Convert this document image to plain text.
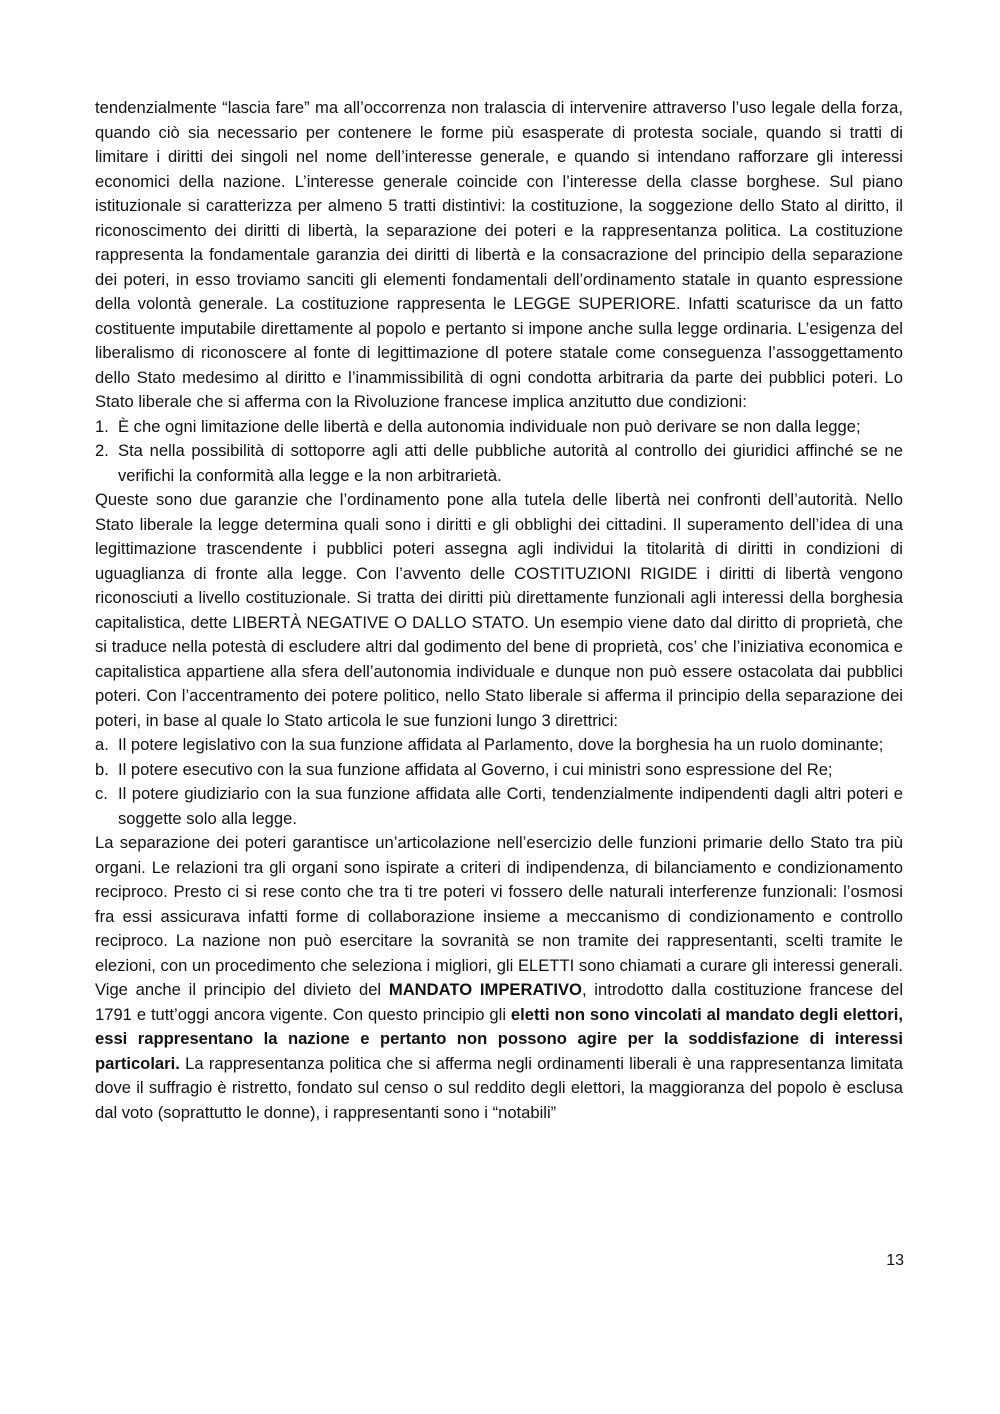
tendenzialmente “lascia fare” ma all’occorrenza non tralascia di intervenire attraverso l’uso legale della forza, quando ciò sia necessario per contenere le forme più esasperate di protesta sociale, quando si tratti di limitare i diritti dei singoli nel nome dell’interesse generale, e quando si intendano rafforzare gli interessi economici della nazione. L’interesse generale coincide con l’interesse della classe borghese. Sul piano istituzionale si caratterizza per almeno 5 tratti distintivi: la costituzione, la soggezione dello Stato al diritto, il riconoscimento dei diritti di libertà, la separazione dei poteri e la rappresentanza politica. La costituzione rappresenta la fondamentale garanzia dei diritti di libertà e la consacrazione del principio della separazione dei poteri, in esso troviamo sanciti gli elementi fondamentali dell’ordinamento statale in quanto espressione della volontà generale. La costituzione rappresenta le LEGGE SUPERIORE. Infatti scaturisce da un fatto costituente imputabile direttamente al popolo e pertanto si impone anche sulla legge ordinaria. L’esigenza del liberalismo di riconoscere al fonte di legittimazione dl potere statale come conseguenza l’assoggettamento dello Stato medesimo al diritto e l’inammissibilità di ogni condotta arbitraria da parte dei pubblici poteri. Lo Stato liberale che si afferma con la Rivoluzione francese implica anzitutto due condizioni:

1. È che ogni limitazione delle libertà e della autonomia individuale non può derivare se non dalla legge;
2. Sta nella possibilità di sottoporre agli atti delle pubbliche autorità al controllo dei giuridici affinché se ne verifichi la conformità alla legge e la non arbitrarietà.

Queste sono due garanzie che l’ordinamento pone alla tutela delle libertà nei confronti dell’autorità. Nello Stato liberale la legge determina quali sono i diritti e gli obblighi dei cittadini. Il superamento dell’idea di una legittimazione trascendente i pubblici poteri assegna agli individui la titolarità di diritti in condizioni di uguaglianza di fronte alla legge. Con l’avvento delle COSTITUZIONI RIGIDE i diritti di libertà vengono riconosciuti a livello costituzionale. Si tratta dei diritti più direttamente funzionali agli interessi della borghesia capitalistica, dette LIBERTÀ NEGATIVE O DALLO STATO. Un esempio viene dato dal diritto di proprietà, che si traduce nella potestà di escludere altri dal godimento del bene di proprietà, cos’ che l’iniziativa economica e capitalistica appartiene alla sfera dell’autonomia individuale e dunque non può essere ostacolata dai pubblici poteri. Con l’accentramento dei potere politico, nello Stato liberale si afferma il principio della separazione dei poteri, in base al quale lo Stato articola le sue funzioni lungo 3 direttrici:

a. Il potere legislativo con la sua funzione affidata al Parlamento, dove la borghesia ha un ruolo dominante;
b. Il potere esecutivo con la sua funzione affidata al Governo, i cui ministri sono espressione del Re;
c. Il potere giudiziario con la sua funzione affidata alle Corti, tendenzialmente indipendenti dagli altri poteri e soggette solo alla legge.

La separazione dei poteri garantisce un’articolazione nell’esercizio delle funzioni primarie dello Stato tra più organi. Le relazioni tra gli organi sono ispirate a criteri di indipendenza, di bilanciamento e condizionamento reciproco. Presto ci si rese conto che tra ti tre poteri vi fossero delle naturali interferenze funzionali: l’osmosi fra essi assicurava infatti forme di collaborazione insieme a meccanismo di condizionamento e controllo reciproco. La nazione non può esercitare la sovranità se non tramite dei rappresentanti, scelti tramite le elezioni, con un procedimento che seleziona i migliori, gli ELETTI sono chiamati a curare gli interessi generali. Vige anche il principio del divieto del MANDATO IMPERATIVO, introdotto dalla costituzione francese del 1791 e tutt’oggi ancora vigente. Con questo principio gli eletti non sono vincolati al mandato degli elettori, essi rappresentano la nazione e pertanto non possono agire per la soddisfazione di interessi particolari. La rappresentanza politica che si afferma negli ordinamenti liberali è una rappresentanza limitata dove il suffragio è ristretto, fondato sul censo o sul reddito degli elettori, la maggioranza del popolo è esclusa dal voto (soprattutto le donne), i rappresentanti sono i “notabili”

13
